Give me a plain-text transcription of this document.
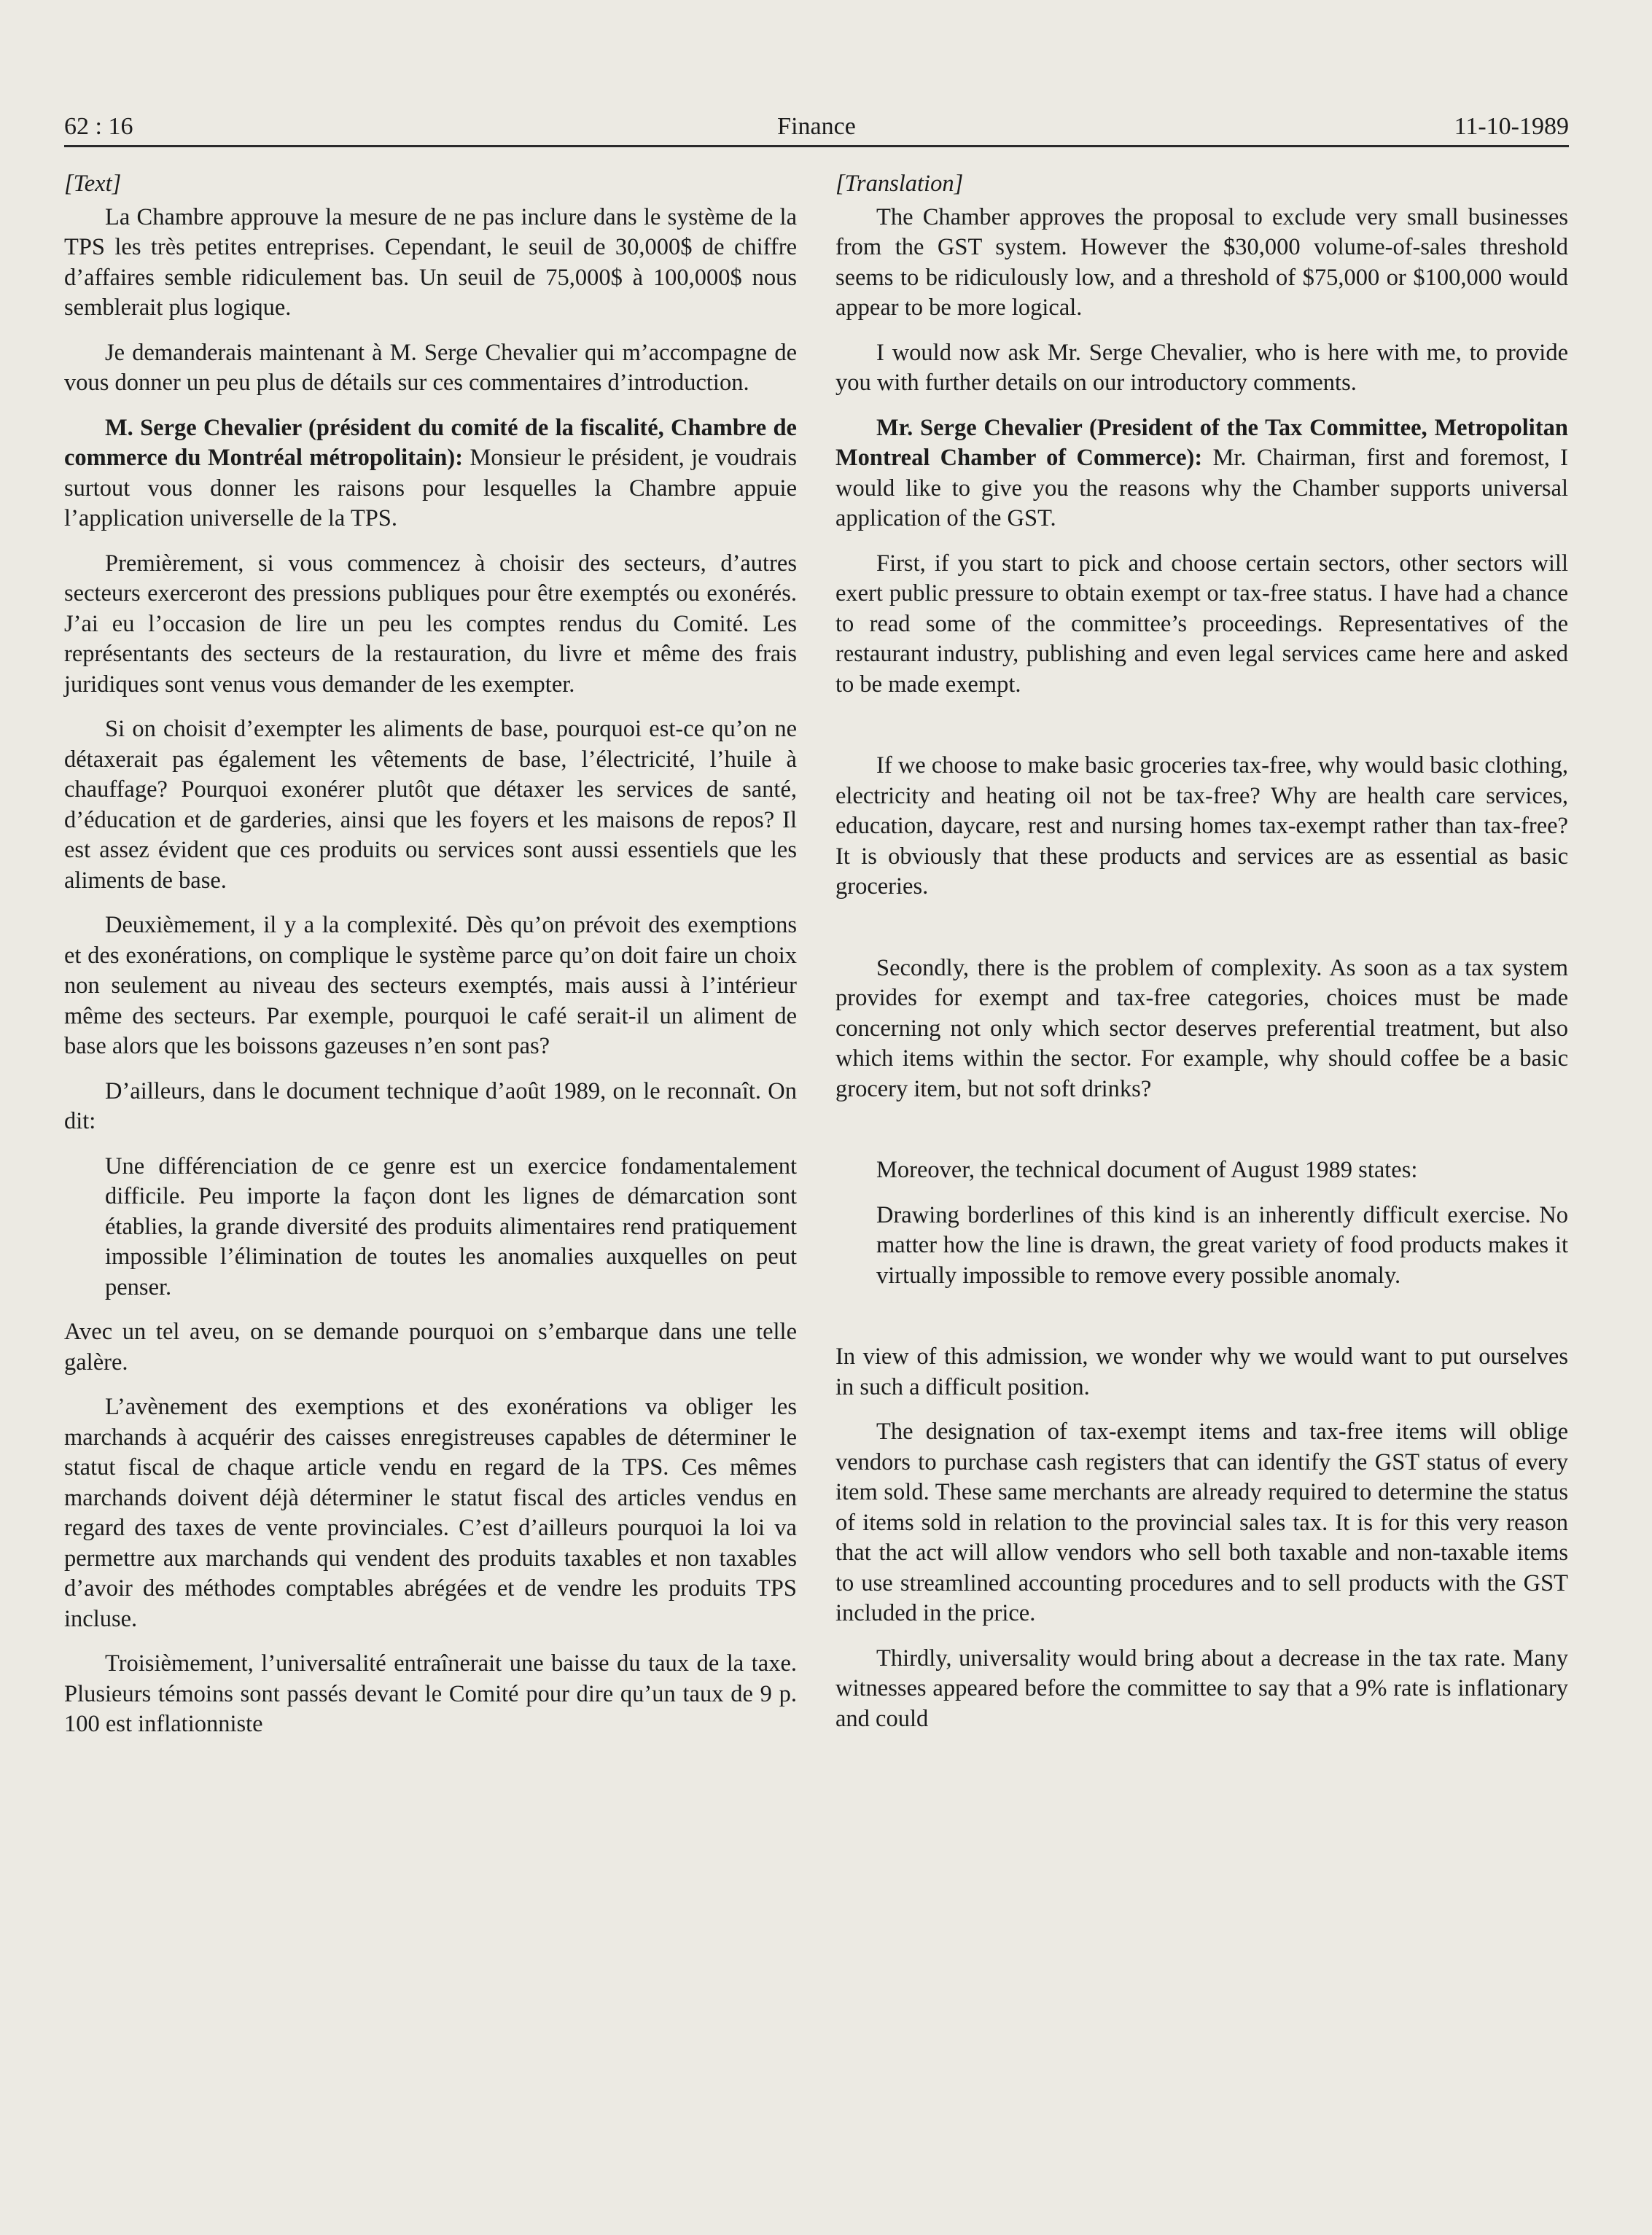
62 : 16	Finance	11-10-1989

[Text]

La Chambre approuve la mesure de ne pas inclure dans le système de la TPS les très petites entreprises. Cependant, le seuil de 30,000$ de chiffre d’affaires semble ridiculement bas. Un seuil de 75,000$ à 100,000$ nous semblerait plus logique.

Je demanderais maintenant à M. Serge Chevalier qui m’accompagne de vous donner un peu plus de détails sur ces commentaires d’introduction.

M. Serge Chevalier (président du comité de la fiscalité, Chambre de commerce du Montréal métropolitain): Monsieur le président, je voudrais surtout vous donner les raisons pour lesquelles la Chambre appuie l’application universelle de la TPS.

Premièrement, si vous commencez à choisir des secteurs, d’autres secteurs exerceront des pressions publiques pour être exemptés ou exonérés. J’ai eu l’occasion de lire un peu les comptes rendus du Comité. Les représentants des secteurs de la restauration, du livre et même des frais juridiques sont venus vous demander de les exempter.

Si on choisit d’exempter les aliments de base, pourquoi est-ce qu’on ne détaxerait pas également les vêtements de base, l’électricité, l’huile à chauffage? Pourquoi exonérer plutôt que détaxer les services de santé, d’éducation et de garderies, ainsi que les foyers et les maisons de repos? Il est assez évident que ces produits ou services sont aussi essentiels que les aliments de base.

Deuxièmement, il y a la complexité. Dès qu’on prévoit des exemptions et des exonérations, on complique le système parce qu’on doit faire un choix non seulement au niveau des secteurs exemptés, mais aussi à l’intérieur même des secteurs. Par exemple, pourquoi le café serait-il un aliment de base alors que les boissons gazeuses n’en sont pas?

D’ailleurs, dans le document technique d’août 1989, on le reconnaît. On dit:

Une différenciation de ce genre est un exercice fondamentalement difficile. Peu importe la façon dont les lignes de démarcation sont établies, la grande diversité des produits alimentaires rend pratiquement impossible l’élimination de toutes les anomalies auxquelles on peut penser.

Avec un tel aveu, on se demande pourquoi on s’embarque dans une telle galère.

L’avènement des exemptions et des exonérations va obliger les marchands à acquérir des caisses enregistreuses capables de déterminer le statut fiscal de chaque article vendu en regard de la TPS. Ces mêmes marchands doivent déjà déterminer le statut fiscal des articles vendus en regard des taxes de vente provinciales. C’est d’ailleurs pourquoi la loi va permettre aux marchands qui vendent des produits taxables et non taxables d’avoir des méthodes comptables abrégées et de vendre les produits TPS incluse.

Troisièmement, l’universalité entraînerait une baisse du taux de la taxe. Plusieurs témoins sont passés devant le Comité pour dire qu’un taux de 9 p. 100 est inflationniste

[Translation]

The Chamber approves the proposal to exclude very small businesses from the GST system. However the $30,000 volume-of-sales threshold seems to be ridiculously low, and a threshold of $75,000 or $100,000 would appear to be more logical.

I would now ask Mr. Serge Chevalier, who is here with me, to provide you with further details on our introductory comments.

Mr. Serge Chevalier (President of the Tax Committee, Metropolitan Montreal Chamber of Commerce): Mr. Chairman, first and foremost, I would like to give you the reasons why the Chamber supports universal application of the GST.

First, if you start to pick and choose certain sectors, other sectors will exert public pressure to obtain exempt or tax-free status. I have had a chance to read some of the committee’s proceedings. Representatives of the restaurant industry, publishing and even legal services came here and asked to be made exempt.

If we choose to make basic groceries tax-free, why would basic clothing, electricity and heating oil not be tax-free? Why are health care services, education, daycare, rest and nursing homes tax-exempt rather than tax-free? It is obviously that these products and services are as essential as basic groceries.

Secondly, there is the problem of complexity. As soon as a tax system provides for exempt and tax-free categories, choices must be made concerning not only which sector deserves preferential treatment, but also which items within the sector. For example, why should coffee be a basic grocery item, but not soft drinks?

Moreover, the technical document of August 1989 states:

Drawing borderlines of this kind is an inherently difficult exercise. No matter how the line is drawn, the great variety of food products makes it virtually impossible to remove every possible anomaly.

In view of this admission, we wonder why we would want to put ourselves in such a difficult position.

The designation of tax-exempt items and tax-free items will oblige vendors to purchase cash registers that can identify the GST status of every item sold. These same merchants are already required to determine the status of items sold in relation to the provincial sales tax. It is for this very reason that the act will allow vendors who sell both taxable and non-taxable items to use streamlined accounting procedures and to sell products with the GST included in the price.

Thirdly, universality would bring about a decrease in the tax rate. Many witnesses appeared before the committee to say that a 9% rate is inflationary and could
